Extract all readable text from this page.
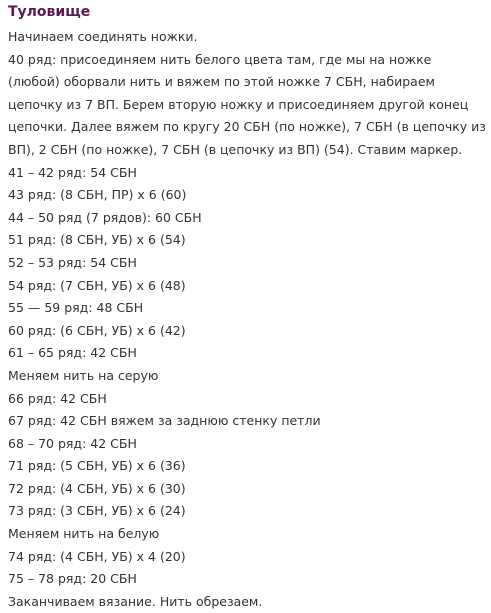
Туловище
Начинаем соединять ножки.
40 ряд: присоединяем нить белого цвета там, где мы на ножке (любой) оборвали нить и вяжем по этой ножке 7 СБН, набираем цепочку из 7 ВП. Берем вторую ножку и присоединяем другой конец цепочки. Далее вяжем по кругу 20 СБН (по ножке), 7 СБН (в цепочку из ВП), 2 СБН (по ножке), 7 СБН (в цепочку из ВП) (54). Ставим маркер.
41 – 42 ряд: 54 СБН
43 ряд: (8 СБН, ПР) х 6 (60)
44 – 50 ряд (7 рядов): 60 СБН
51 ряд: (8 СБН, УБ) х 6 (54)
52 – 53 ряд: 54 СБН
54 ряд: (7 СБН, УБ) х 6 (48)
55 — 59 ряд: 48 СБН
60 ряд: (6 СБН, УБ) х 6 (42)
61 – 65 ряд: 42 СБН
Меняем нить на серую
66 ряд: 42 СБН
67 ряд: 42 СБН вяжем за заднюю стенку петли
68 – 70 ряд: 42 СБН
71 ряд: (5 СБН, УБ) х 6 (36)
72 ряд: (4 СБН, УБ) х 6 (30)
73 ряд: (3 СБН, УБ) х 6 (24)
Меняем нить на белую
74 ряд: (4 СБН, УБ) х 4 (20)
75 – 78 ряд: 20 СБН
Заканчиваем вязание. Нить обрезаем.
